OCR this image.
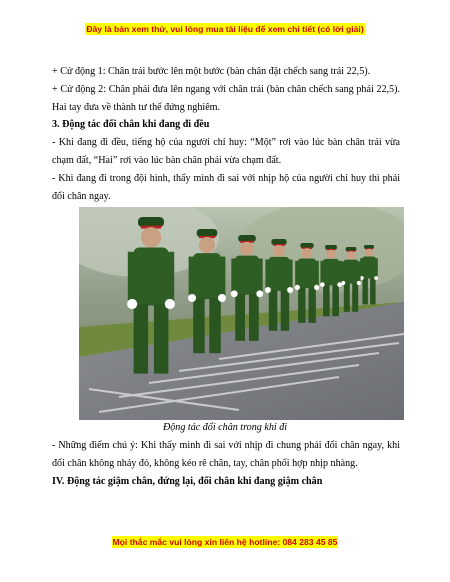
Đây là bản xem thử, vui lòng mua tài liệu để xem chi tiết (có lời giải)

+ Cử động 1: Chân trái bước lên một bước (bàn chân đặt chếch sang trái 22,5).

+ Cử động 2: Chân phải đưa lên ngang với chân trái (bàn chân chếch sang phải 22,5). Hai tay đưa về thành tư thế đứng nghiêm.

3. Động tác đổi chân khi đang đi đều

- Khi đang đi đều, tiếng hộ của người chỉ huy: “Một” rơi vào lúc bàn chân trái vừa chạm đất, “Hai” rơi vào lúc bàn chân phải vừa chạm đất.

- Khi đang đi trong đội hình, thấy mình đi sai với nhịp hộ của người chỉ huy thì phải đổi chân ngay.

Động tác đổi chân trong khi đi

- Những điểm chú ý: Khi thấy mình đi sai với nhịp đi chung phải đổi chân ngay, khi đổi chân không nhảy đỏ, không kéo rê chân, tay, chân phối hợp nhịp nhàng.

IV. Động tác giậm chân, đứng lại, đổi chân khi đang giậm chân

Mọi thắc mắc vui lòng xin liên hệ hotline: 084 283 45 85
